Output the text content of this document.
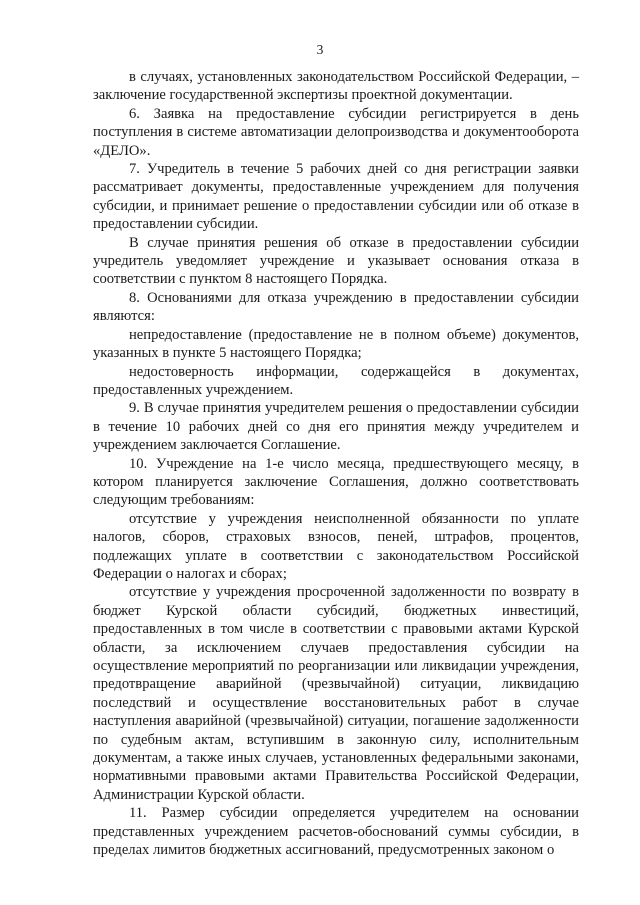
3

в случаях, установленных законодательством Российской Федерации, – заключение государственной экспертизы проектной документации.

6. Заявка на предоставление субсидии регистрируется в день поступления в системе автоматизации делопроизводства и документооборота «ДЕЛО».

7. Учредитель в течение 5 рабочих дней со дня регистрации заявки рассматривает документы, предоставленные учреждением для получения субсидии, и принимает решение о предоставлении субсидии или об отказе в предоставлении субсидии.

В случае принятия решения об отказе в предоставлении субсидии учредитель уведомляет учреждение и указывает основания отказа в соответствии с пунктом 8 настоящего Порядка.

8. Основаниями для отказа учреждению в предоставлении субсидии являются:

непредоставление (предоставление не в полном объеме) документов, указанных в пункте 5 настоящего Порядка;

недостоверность информации, содержащейся в документах, предоставленных учреждением.

9. В случае принятия учредителем решения о предоставлении субсидии в течение 10 рабочих дней со дня его принятия между учредителем и учреждением заключается Соглашение.

10. Учреждение на 1-е число месяца, предшествующего месяцу, в котором планируется заключение Соглашения, должно соответствовать следующим требованиям:

отсутствие у учреждения неисполненной обязанности по уплате налогов, сборов, страховых взносов, пеней, штрафов, процентов, подлежащих уплате в соответствии с законодательством Российской Федерации о налогах и сборах;

отсутствие у учреждения просроченной задолженности по возврату в бюджет Курской области субсидий, бюджетных инвестиций, предоставленных в том числе в соответствии с правовыми актами Курской области, за исключением случаев предоставления субсидии на осуществление мероприятий по реорганизации или ликвидации учреждения, предотвращение аварийной (чрезвычайной) ситуации, ликвидацию последствий и осуществление восстановительных работ в случае наступления аварийной (чрезвычайной) ситуации, погашение задолженности по судебным актам, вступившим в законную силу, исполнительным документам, а также иных случаев, установленных федеральными законами, нормативными правовыми актами Правительства Российской Федерации, Администрации Курской области.

11. Размер субсидии определяется учредителем на основании представленных учреждением расчетов-обоснований суммы субсидии, в пределах лимитов бюджетных ассигнований, предусмотренных законом о
